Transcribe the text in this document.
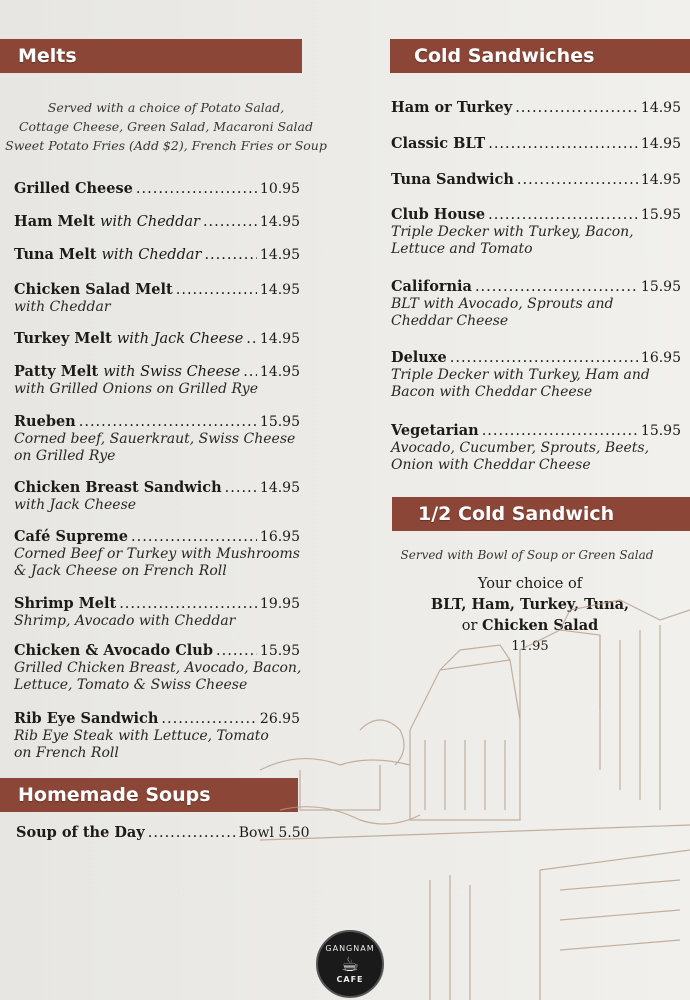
Melts
Served with a choice of Potato Salad,
Cottage Cheese, Green Salad, Macaroni Salad
Sweet Potato Fries (Add $2), French Fries or Soup
Grilled Cheese .....	10.95
Ham Melt with Cheddar .....	14.95
Tuna Melt with Cheddar .....	14.95
Chicken Salad Melt .....	14.95
with Cheddar
Turkey Melt with Jack Cheese ..... 14.95
Patty Melt with Swiss Cheese ..... 14.95
with Grilled Onions on Grilled Rye
Rueben .....	15.95
Corned beef, Sauerkraut, Swiss Cheese
on Grilled Rye
Chicken Breast Sandwich .....	14.95
with Jack Cheese
Café Supreme .....	16.95
Corned Beef or Turkey with Mushrooms
& Jack Cheese on French Roll
Shrimp Melt .....	19.95
Shrimp, Avocado with Cheddar
Chicken & Avocado Club .....	15.95
Grilled Chicken Breast, Avocado, Bacon,
Lettuce, Tomato & Swiss Cheese
Rib Eye Sandwich .....	26.95
Rib Eye Steak with Lettuce, Tomato
on French Roll
Homemade Soups
Soup of the Day .....	Bowl 5.50
Cold Sandwiches
Ham or Turkey .....	14.95
Classic BLT .....	14.95
Tuna Sandwich .....	14.95
Club House .....	15.95
Triple Decker with Turkey, Bacon,
Lettuce and Tomato
California .....	15.95
BLT with Avocado, Sprouts and
Cheddar Cheese
Deluxe .....	16.95
Triple Decker with Turkey, Ham and
Bacon with Cheddar Cheese
Vegetarian .....	15.95
Avocado, Cucumber, Sprouts, Beets,
Onion with Cheddar Cheese
1/2 Cold Sandwich
Served with Bowl of Soup or Green Salad
Your choice of
BLT, Ham, Turkey, Tuna,
or Chicken Salad
11.95
GANGNAM
☕
CAFE
